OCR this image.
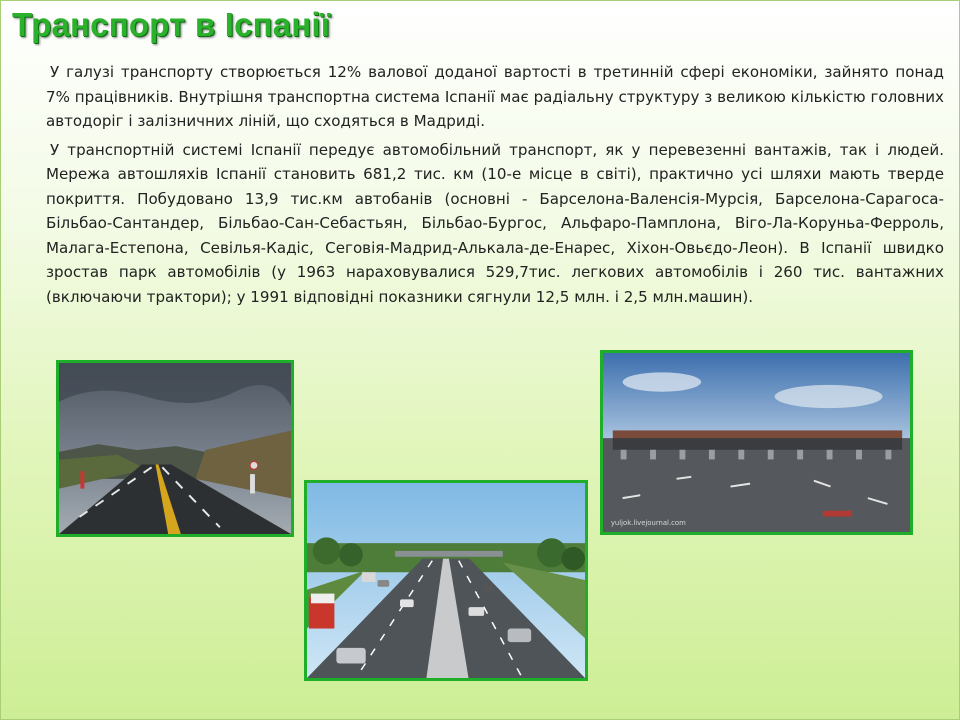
Транспорт в Іспанії

У галузі транспорту створюється 12% валової доданої вартості в третинній сфері економіки, зайнято понад 7% працівників. Внутрішня транспортна система Іспанії має радіальну структуру з великою кількістю головних автодоріг і залізничних ліній, що сходяться в Мадриді.

У транспортній системі Іспанії передує автомобільний транспорт, як у перевезенні вантажів, так і людей. Мережа автошляхів Іспанії становить 681,2 тис. км (10-е місце в світі), практично усі шляхи мають тверде покриття. Побудовано 13,9 тис.км автобанів (основні - Барселона-Валенсія-Мурсія, Барселона-Сарагоса-Більбао-Сантандер, Більбао-Сан-Себастьян, Більбао-Бургос, Альфаро-Памплона, Віго-Ла-Коруньа-Ферроль, Малага-Естепона, Севілья-Кадіс, Сеговія-Мадрид-Алькала-де-Енарес, Хіхон-Овьєдо-Леон). В Іспанії швидко зростав парк автомобілів (у 1963 нараховувалися 529,7тис. легкових автомобілів і 260 тис. вантажних (включаючи трактори); у 1991 відповідні показники сягнули 12,5 млн. і 2,5 млн.машин).

yuljok.livejournal.com
